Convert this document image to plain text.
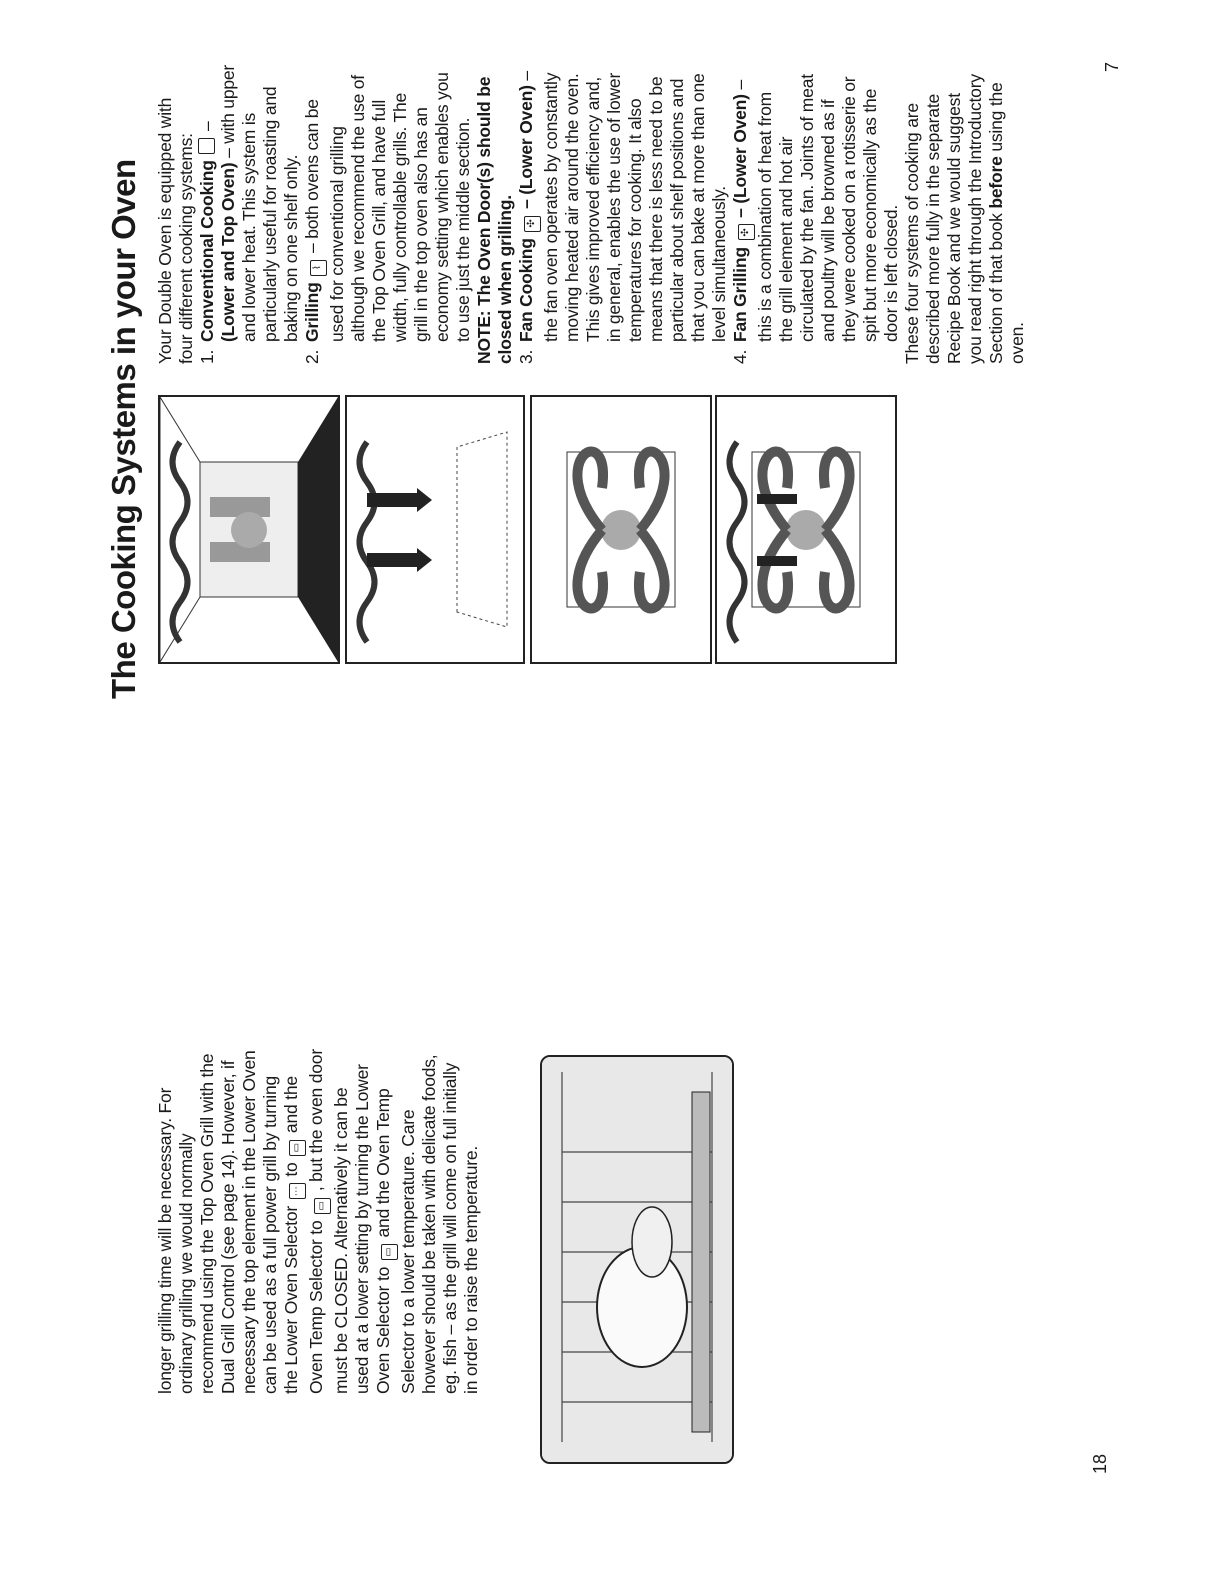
longer grilling time will be necessary. For ordinary grilling we would normally recommend using the Top Oven Grill with the Dual Grill Control (see page 14). However, if necessary the top element in the Lower Oven can be used as a full power grill by turning the Lower Oven Selector ⋯ to ▭ and the Oven Temp Selector to ▭ , but the oven door must be CLOSED. Alternatively it can be used at a lower setting by turning the Lower Oven Selector to ▭ and the Oven Temp Selector to a lower temperature. Care however should be taken with delicate foods, eg. fish – as the grill will come on full initially in order to raise the temperature.

18
The Cooking Systems in your Oven Your Double Oven is equipped with four different cooking systems: 1.
Conventional Cooking  – (Lower and Top Oven) – with upper and lower heat. This system is particularly useful for roasting and baking on one shelf only.
2.
Grilling ⌇ – both ovens can be used for conventional grilling although we recommend the use of the Top Oven Grill, and have full width, fully controllable grills. The grill in the top oven also has an economy setting which enables you to use just the middle section. NOTE: The Oven Door(s) should be closed when grilling. 3.
Fan Cooking ✣ – (Lower Oven) – the fan oven operates by constantly moving heated air around the oven. This gives improved efficiency and, in general, enables the use of lower temperatures for cooking. It also means that there is less need to be particular about shelf positions and that you can bake at more than one level simultaneously.
4.
Fan Grilling ✣ – (Lower Oven) – this is a combination of heat from the grill element and hot air circulated by the fan. Joints of meat and poultry will be browned as if they were cooked on a rotisserie or spit but more economically as the door is left closed. These four systems of cooking are described more fully in the separate Recipe Book and we would suggest you read right through the Introductory Section of that book before using the oven.

7
